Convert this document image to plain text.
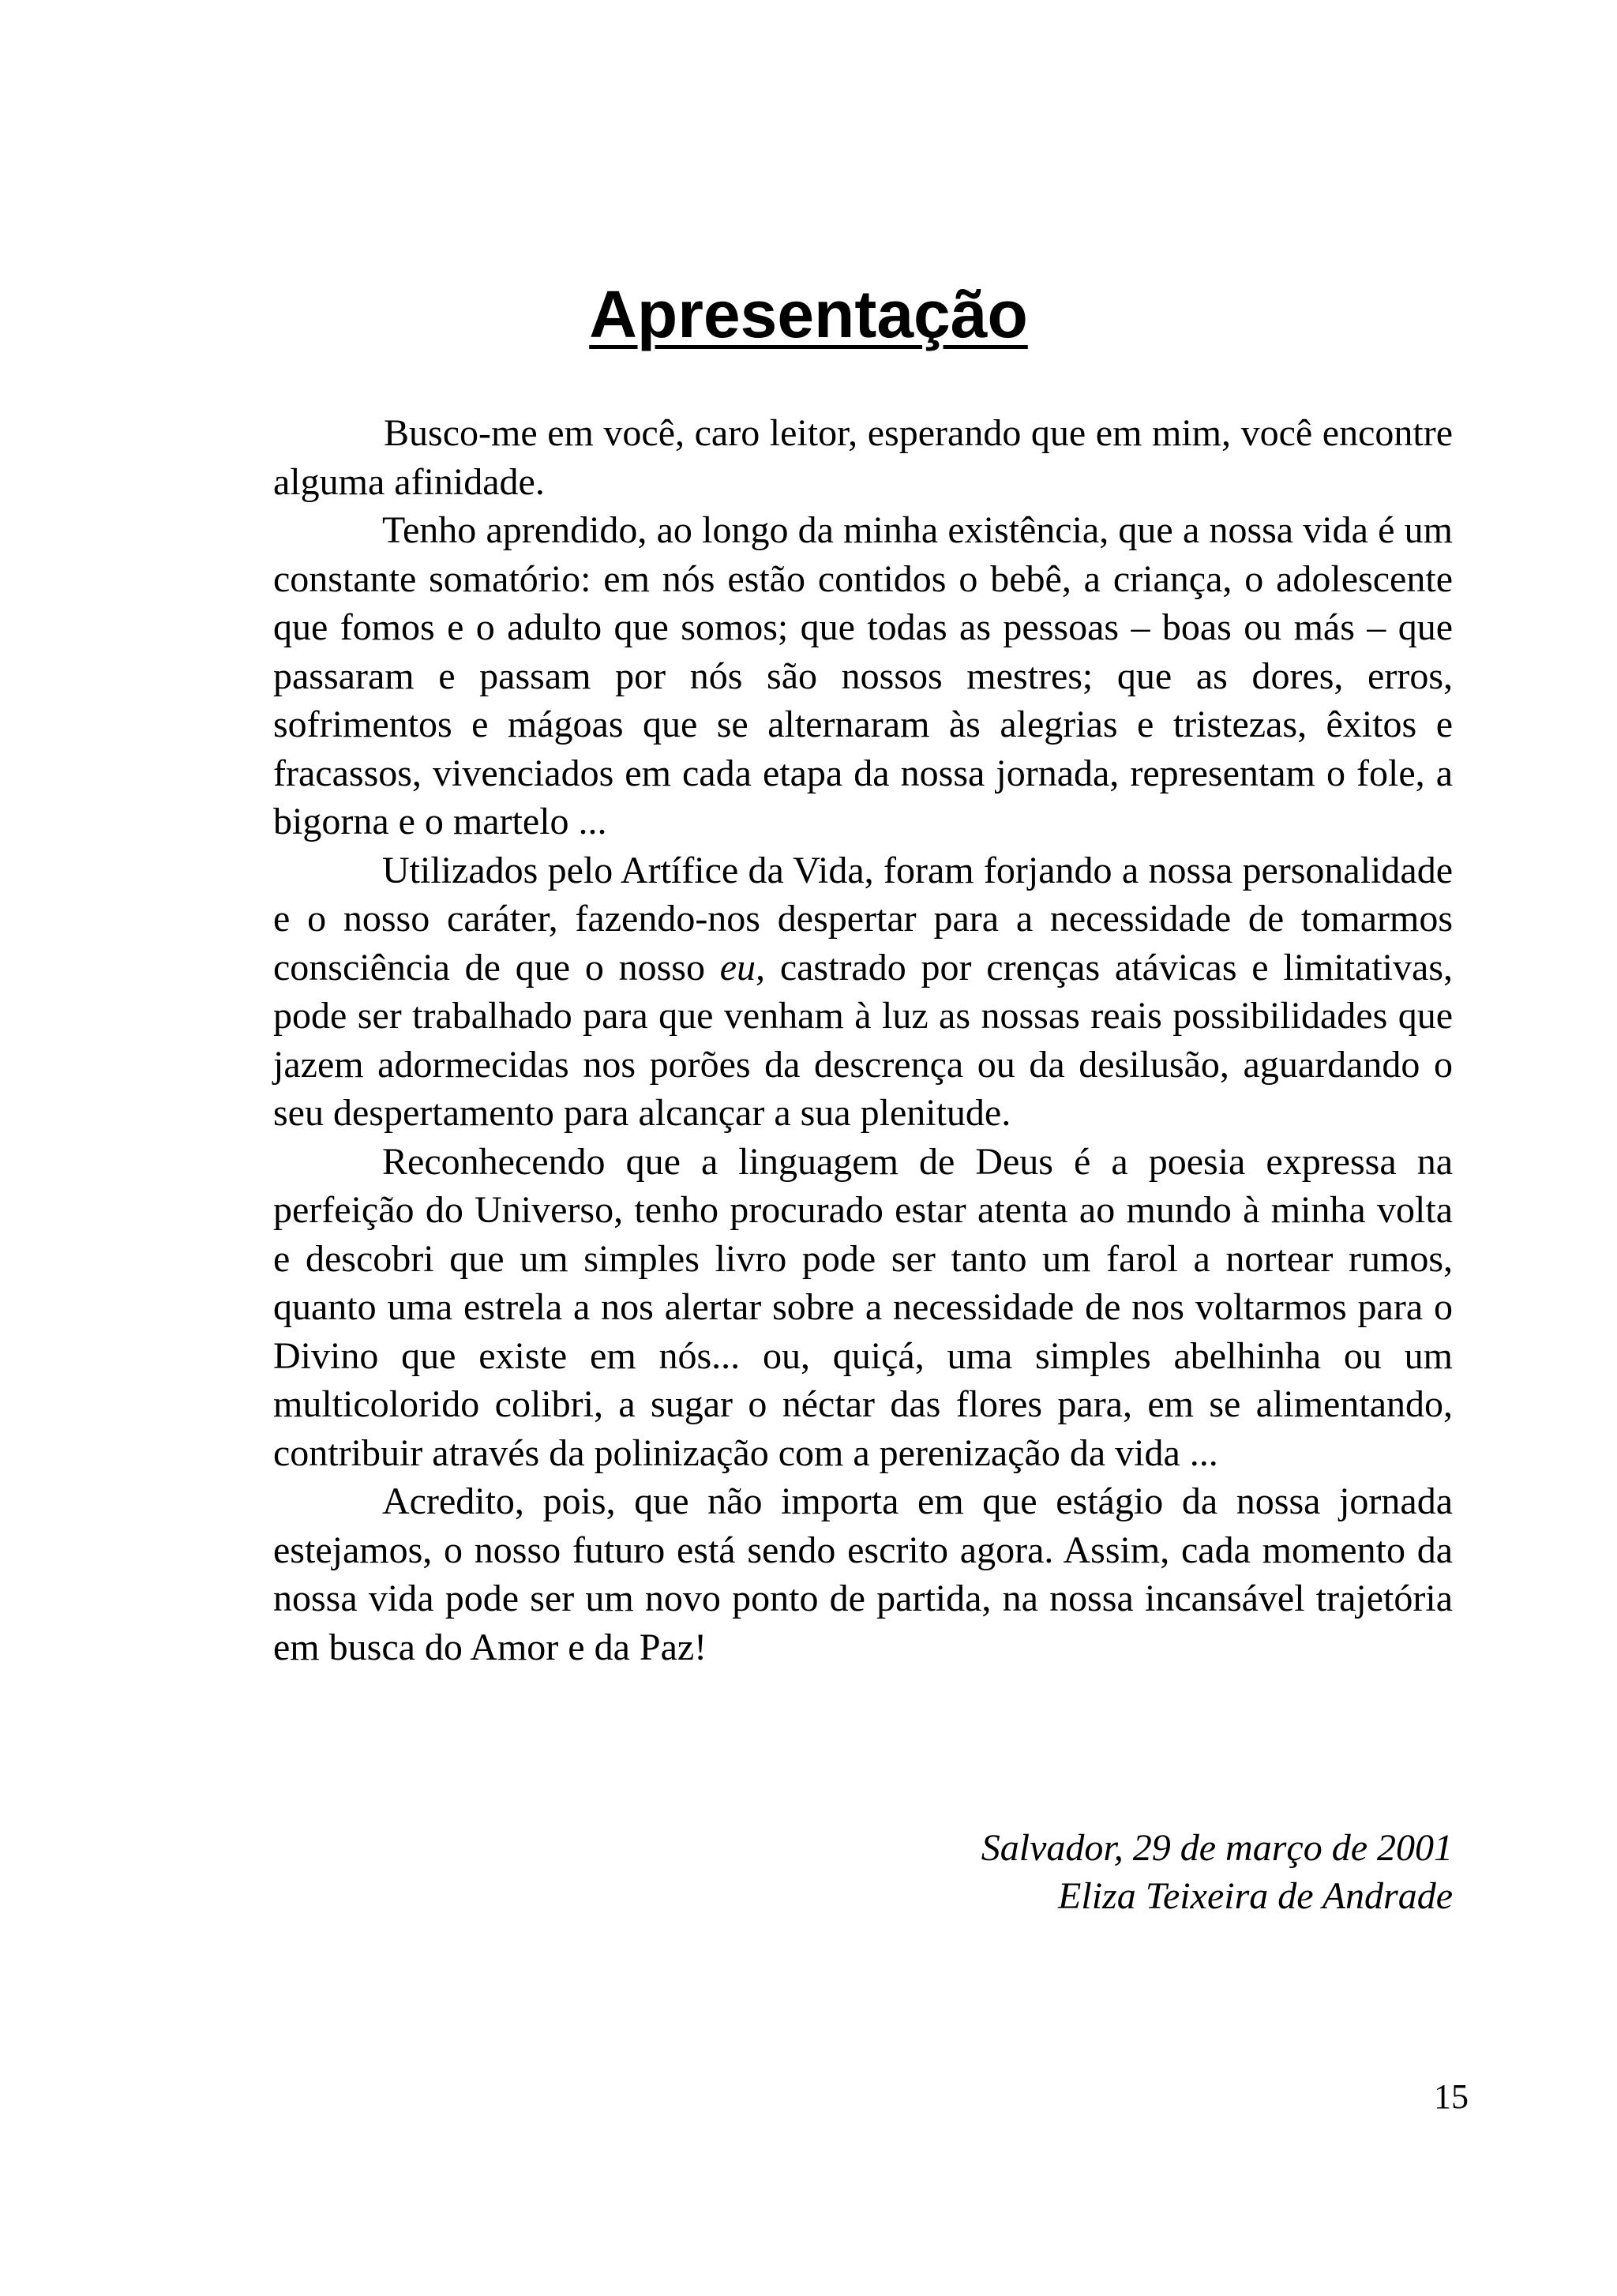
Apresentação

Busco-me em você, caro leitor, esperando que em mim, você encontre alguma afinidade.

Tenho aprendido, ao longo da minha existência, que a nossa vida é um constante somatório: em nós estão contidos o bebê, a criança, o adolescente que fomos e o adulto que somos; que todas as pessoas – boas ou más – que passaram e passam por nós são nossos mestres; que as dores, erros, sofrimentos e mágoas que se alternaram às alegrias e tristezas, êxitos e fracassos, vivenciados em cada etapa da nossa jornada, representam o fole, a bigorna e o martelo ...

Utilizados pelo Artífice da Vida, foram forjando a nossa personalidade e o nosso caráter, fazendo-nos despertar para a necessidade de tomarmos consciência de que o nosso eu, castrado por crenças atávicas e limitativas, pode ser trabalhado para que venham à luz as nossas reais possibilidades que jazem adormecidas nos porões da descrença ou da desilusão, aguardando o seu despertamento para alcançar a sua plenitude.

Reconhecendo que a linguagem de Deus é a poesia expressa na perfeição do Universo, tenho procurado estar atenta ao mundo à minha volta e descobri que um simples livro pode ser tanto um farol a nortear rumos, quanto uma estrela a nos alertar sobre a necessidade de nos voltarmos para o Divino que existe em nós... ou, quiçá, uma simples abelhinha ou um multicolorido colibri, a sugar o néctar das flores para, em se alimentando, contribuir através da polinização com a perenização da vida ...

Acredito, pois, que não importa em que estágio da nossa jornada estejamos, o nosso futuro está sendo escrito agora. Assim, cada momento da nossa vida pode ser um novo ponto de partida, na nossa incansável trajetória em busca do Amor e da Paz!

Salvador, 29 de março de 2001
Eliza Teixeira de Andrade
15
